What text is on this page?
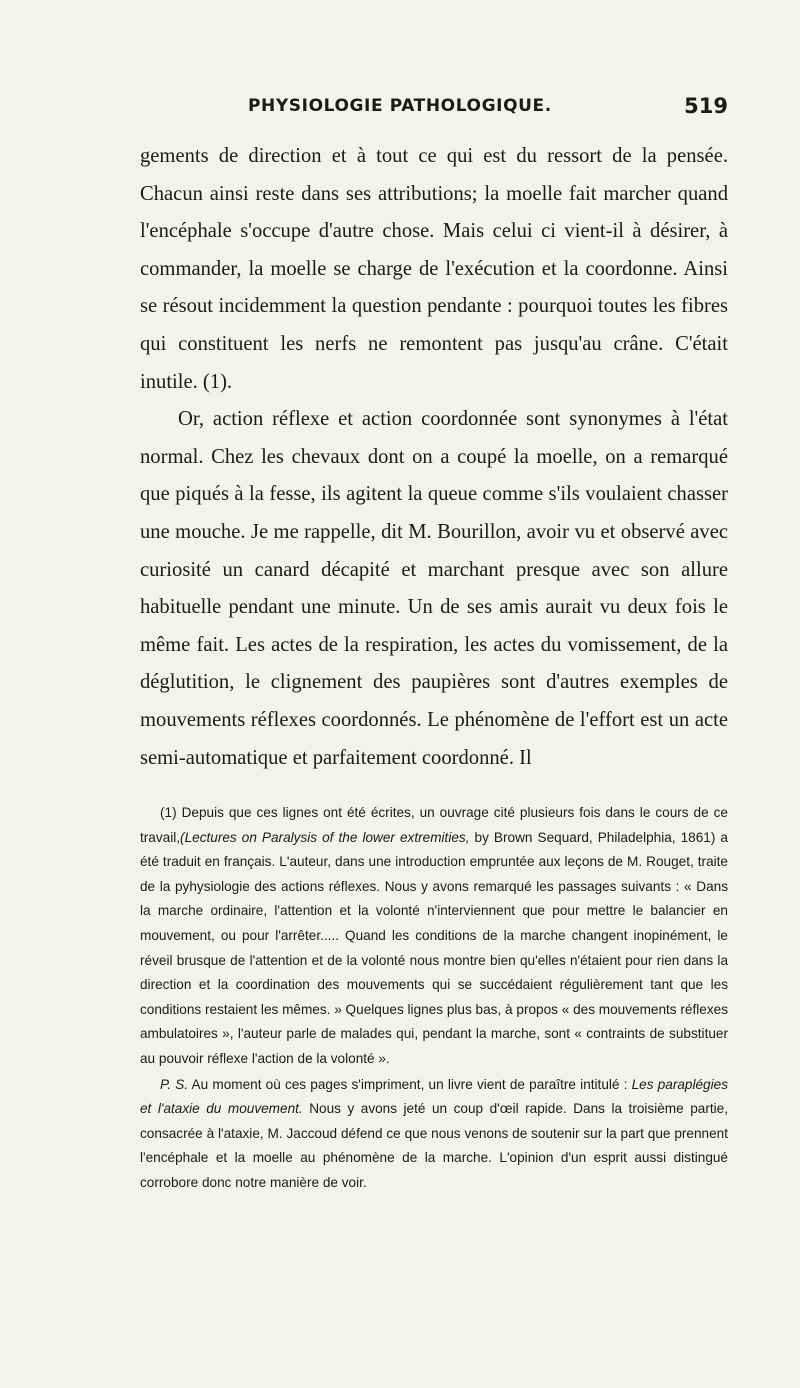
PHYSIOLOGIE PATHOLOGIQUE.	519

gements de direction et à tout ce qui est du ressort de la pensée. Chacun ainsi reste dans ses attributions; la moelle fait marcher quand l'encéphale s'occupe d'autre chose. Mais celui ci vient-il à désirer, à commander, la moelle se charge de l'exécution et la coordonne. Ainsi se résout incidemment la question pendante : pourquoi toutes les fibres qui constituent les nerfs ne remontent pas jusqu'au crâne. C'était inutile. (1).

Or, action réflexe et action coordonnée sont synonymes à l'état normal. Chez les chevaux dont on a coupé la moelle, on a remarqué que piqués à la fesse, ils agitent la queue comme s'ils voulaient chasser une mouche. Je me rappelle, dit M. Bourillon, avoir vu et observé avec curiosité un canard décapité et marchant presque avec son allure habituelle pendant une minute. Un de ses amis aurait vu deux fois le même fait. Les actes de la respiration, les actes du vomissement, de la déglutition, le clignement des paupières sont d'autres exemples de mouvements réflexes coordonnés. Le phénomène de l'effort est un acte semi-automatique et parfaitement coordonné. Il

(1) Depuis que ces lignes ont été écrites, un ouvrage cité plusieurs fois dans le cours de ce travail,(Lectures on Paralysis of the lower extremities, by Brown Sequard, Philadelphia, 1861) a été traduit en français. L'auteur, dans une introduction empruntée aux leçons de M. Rouget, traite de la pyhysiologie des actions réflexes. Nous y avons remarqué les passages suivants : « Dans la marche ordinaire, l'attention et la volonté n'interviennent que pour mettre le balancier en mouvement, ou pour l'arrêter..... Quand les conditions de la marche changent inopinément, le réveil brusque de l'attention et de la volonté nous montre bien qu'elles n'étaient pour rien dans la direction et la coordination des mouvements qui se succédaient régulièrement tant que les conditions restaient les mêmes. » Quelques lignes plus bas, à propos « des mouvements réflexes ambulatoires », l'auteur parle de malades qui, pendant la marche, sont « contraints de substituer au pouvoir réflexe l'action de la volonté ».

P. S. Au moment où ces pages s'impriment, un livre vient de paraître intitulé : Les paraplégies et l'ataxie du mouvement. Nous y avons jeté un coup d'œil rapide. Dans la troisième partie, consacrée à l'ataxie, M. Jaccoud défend ce que nous venons de soutenir sur la part que prennent l'encéphale et la moelle au phénomène de la marche. L'opinion d'un esprit aussi distingué corrobore donc notre manière de voir.
